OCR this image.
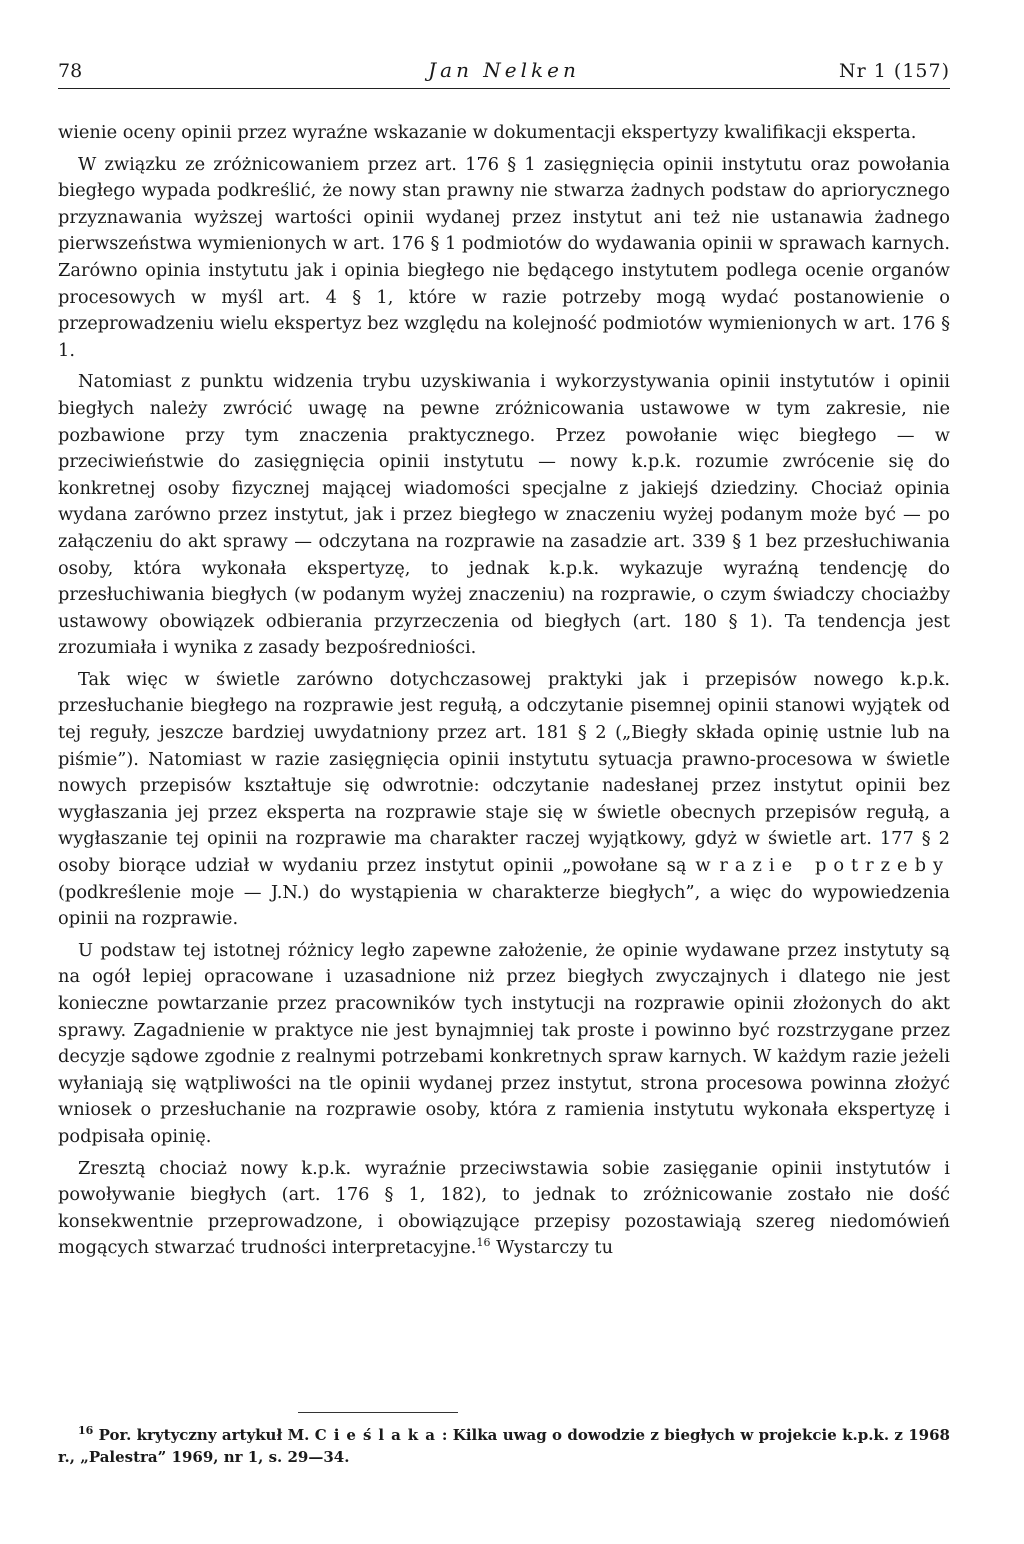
78	Jan Nelken	Nr 1 (157)

wienie oceny opinii przez wyraźne wskazanie w dokumentacji ekspertyzy kwalifikacji eksperta.

W związku ze zróżnicowaniem przez art. 176 § 1 zasięgnięcia opinii instytutu oraz powołania biegłego wypada podkreślić, że nowy stan prawny nie stwarza żadnych podstaw do apriorycznego przyznawania wyższej wartości opinii wydanej przez instytut ani też nie ustanawia żadnego pierwszeństwa wymienionych w art. 176 § 1 podmiotów do wydawania opinii w sprawach karnych. Zarówno opinia instytutu jak i opinia biegłego nie będącego instytutem podlega ocenie organów procesowych w myśl art. 4 § 1, które w razie potrzeby mogą wydać postanowienie o przeprowadzeniu wielu ekspertyz bez względu na kolejność podmiotów wymienionych w art. 176 § 1.

Natomiast z punktu widzenia trybu uzyskiwania i wykorzystywania opinii instytutów i opinii biegłych należy zwrócić uwagę na pewne zróżnicowania ustawowe w tym zakresie, nie pozbawione przy tym znaczenia praktycznego. Przez powołanie więc biegłego — w przeciwieństwie do zasięgnięcia opinii instytutu — nowy k.p.k. rozumie zwrócenie się do konkretnej osoby fizycznej mającej wiadomości specjalne z jakiejś dziedziny. Chociaż opinia wydana zarówno przez instytut, jak i przez biegłego w znaczeniu wyżej podanym może być — po załączeniu do akt sprawy — odczytana na rozprawie na zasadzie art. 339 § 1 bez przesłuchiwania osoby, która wykonała ekspertyzę, to jednak k.p.k. wykazuje wyraźną tendencję do przesłuchiwania biegłych (w podanym wyżej znaczeniu) na rozprawie, o czym świadczy chociażby ustawowy obowiązek odbierania przyrzeczenia od biegłych (art. 180 § 1). Ta tendencja jest zrozumiała i wynika z zasady bezpośredniości.

Tak więc w świetle zarówno dotychczasowej praktyki jak i przepisów nowego k.p.k. przesłuchanie biegłego na rozprawie jest regułą, a odczytanie pisemnej opinii stanowi wyjątek od tej reguły, jeszcze bardziej uwydatniony przez art. 181 § 2 („Biegły składa opinię ustnie lub na piśmie”). Natomiast w razie zasięgnięcia opinii instytutu sytuacja prawno-procesowa w świetle nowych przepisów kształtuje się odwrotnie: odczytanie nadesłanej przez instytut opinii bez wygłaszania jej przez eksperta na rozprawie staje się w świetle obecnych przepisów regułą, a wygłaszanie tej opinii na rozprawie ma charakter raczej wyjątkowy, gdyż w świetle art. 177 § 2 osoby biorące udział w wydaniu przez instytut opinii „powołane są w razie potrzeby (podkreślenie moje — J.N.) do wystąpienia w charakterze biegłych”, a więc do wypowiedzenia opinii na rozprawie.

U podstaw tej istotnej różnicy legło zapewne założenie, że opinie wydawane przez instytuty są na ogół lepiej opracowane i uzasadnione niż przez biegłych zwyczajnych i dlatego nie jest konieczne powtarzanie przez pracowników tych instytucji na rozprawie opinii złożonych do akt sprawy. Zagadnienie w praktyce nie jest bynajmniej tak proste i powinno być rozstrzygane przez decyzje sądowe zgodnie z realnymi potrzebami konkretnych spraw karnych. W każdym razie jeżeli wyłaniają się wątpliwości na tle opinii wydanej przez instytut, strona procesowa powinna złożyć wniosek o przesłuchanie na rozprawie osoby, która z ramienia instytutu wykonała ekspertyzę i podpisała opinię.

Zresztą chociaż nowy k.p.k. wyraźnie przeciwstawia sobie zasięganie opinii instytutów i powoływanie biegłych (art. 176 § 1, 182), to jednak to zróżnicowanie zostało nie dość konsekwentnie przeprowadzone, i obowiązujące przepisy pozostawiają szereg niedomówień mogących stwarzać trudności interpretacyjne.$^{16}$ Wystarczy tu

$^{16}$ Por. krytyczny artykuł M. Cieślaka: Kilka uwag o dowodzie z biegłych w projekcie k.p.k. z 1968 r., „Palestra” 1969, nr 1, s. 29—34.
